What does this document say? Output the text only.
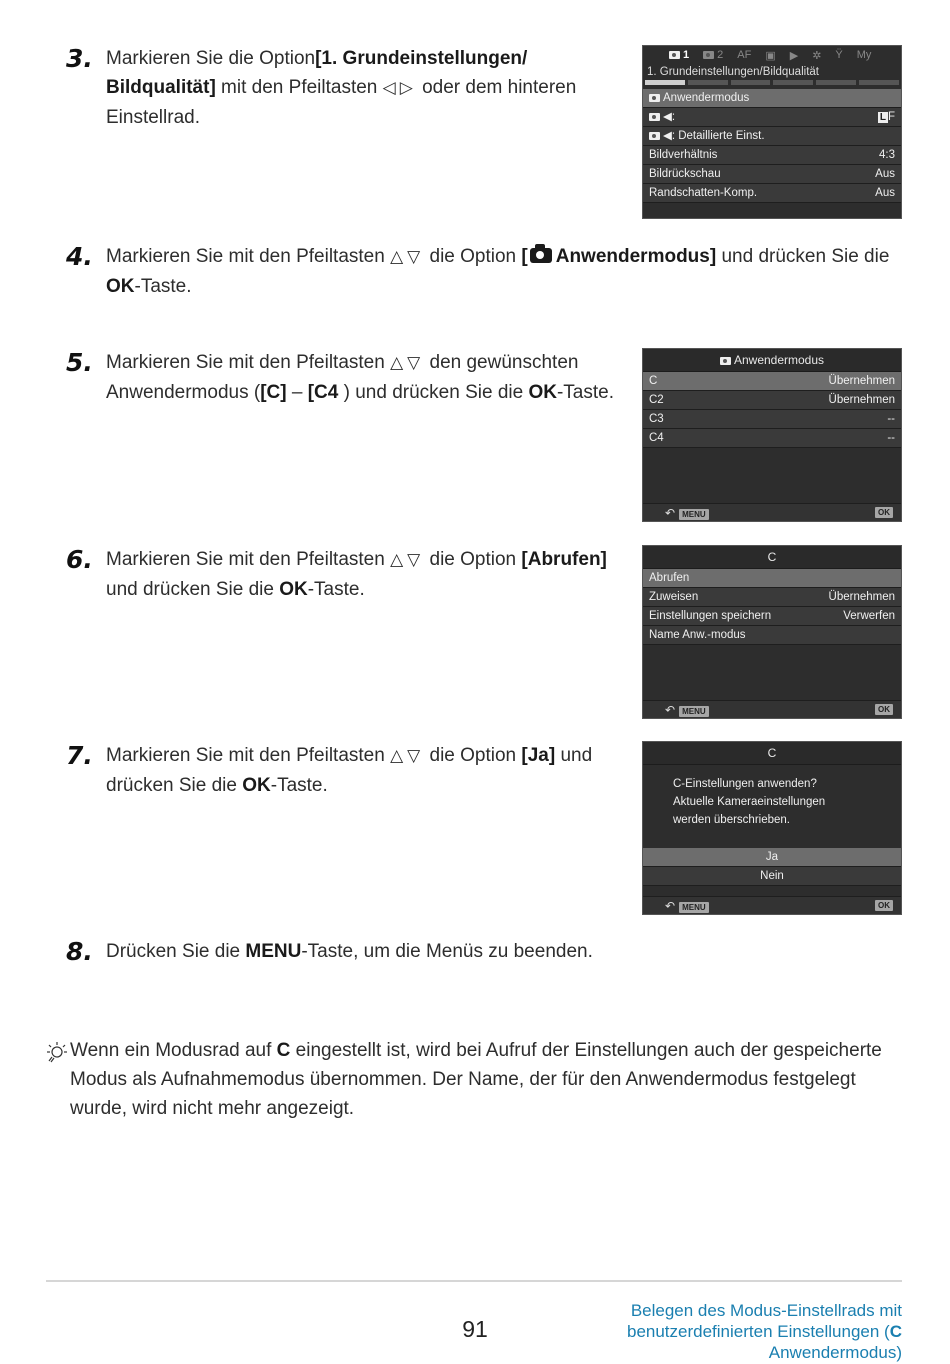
3. Markieren Sie die Option[1. Grundeinstellungen/ Bildqualität] mit den Pfeiltasten ◁▷ oder dem hinteren Einstellrad.
1	2 AF ▣ ▶ ✲ Ÿ My
1. Grundeinstellungen/Bildqualität
Anwendermodus
◀:	L F
◀: Detaillierte Einst.
Bildverhältnis	4:3
Bildrückschau	Aus
Randschatten-Komp.	Aus
4. Markieren Sie mit den Pfeiltasten △▽ die Option [ Anwendermodus] und drücken Sie die OK-Taste.
5. Markieren Sie mit den Pfeiltasten △▽ den gewünschten Anwendermodus ([C] – [C4 ) und drücken Sie die OK-Taste.
Anwendermodus
C	Übernehmen
C2	Übernehmen
C3	--
C4	--
↶ MENU	OK
6. Markieren Sie mit den Pfeiltasten △▽ die Option [Abrufen] und drücken Sie die OK-Taste.
C
Abrufen
Zuweisen	Übernehmen
Einstellungen speichern	Verwerfen
Name Anw.-modus
↶ MENU	OK
7. Markieren Sie mit den Pfeiltasten △▽ die Option [Ja] und drücken Sie die OK-Taste.
C
C-Einstellungen anwenden?
Aktuelle Kameraeinstellungen
werden überschrieben.
Ja
Nein
↶ MENU	OK
8. Drücken Sie die MENU-Taste, um die Menüs zu beenden.
Wenn ein Modusrad auf C eingestellt ist, wird bei Aufruf der Einstellungen auch der gespeicherte Modus als Aufnahmemodus übernommen. Der Name, der für den Anwendermodus festgelegt wurde, wird nicht mehr angezeigt.
91
Belegen des Modus-Einstellrads mit benutzerdefinierten Einstellungen (C Anwendermodus)
